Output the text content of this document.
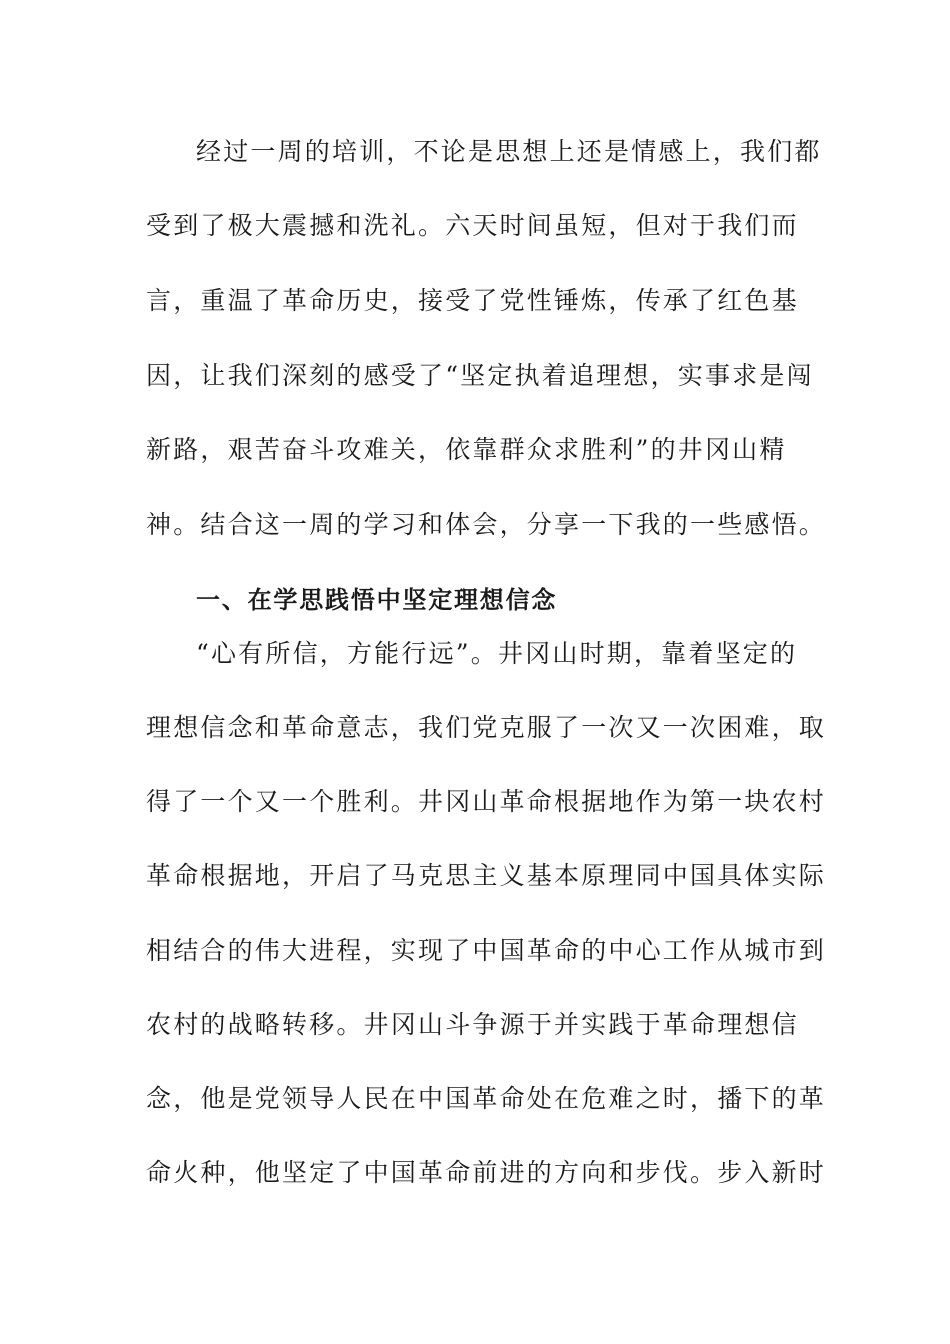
经过一周的培训，不论是思想上还是情感上，我们都
受到了极大震撼和洗礼。六天时间虽短，但对于我们而
言，重温了革命历史，接受了党性锤炼，传承了红色基
因，让我们深刻的感受了“坚定执着追理想，实事求是闯
新路，艰苦奋斗攻难关，依靠群众求胜利”的井冈山精
神。结合这一周的学习和体会，分享一下我的一些感悟。
一、在学思践悟中坚定理想信念
“心有所信，方能行远”。井冈山时期，靠着坚定的
理想信念和革命意志，我们党克服了一次又一次困难，取
得了一个又一个胜利。井冈山革命根据地作为第一块农村
革命根据地，开启了马克思主义基本原理同中国具体实际
相结合的伟大进程，实现了中国革命的中心工作从城市到
农村的战略转移。井冈山斗争源于并实践于革命理想信
念，他是党领导人民在中国革命处在危难之时，播下的革
命火种，他坚定了中国革命前进的方向和步伐。步入新时
